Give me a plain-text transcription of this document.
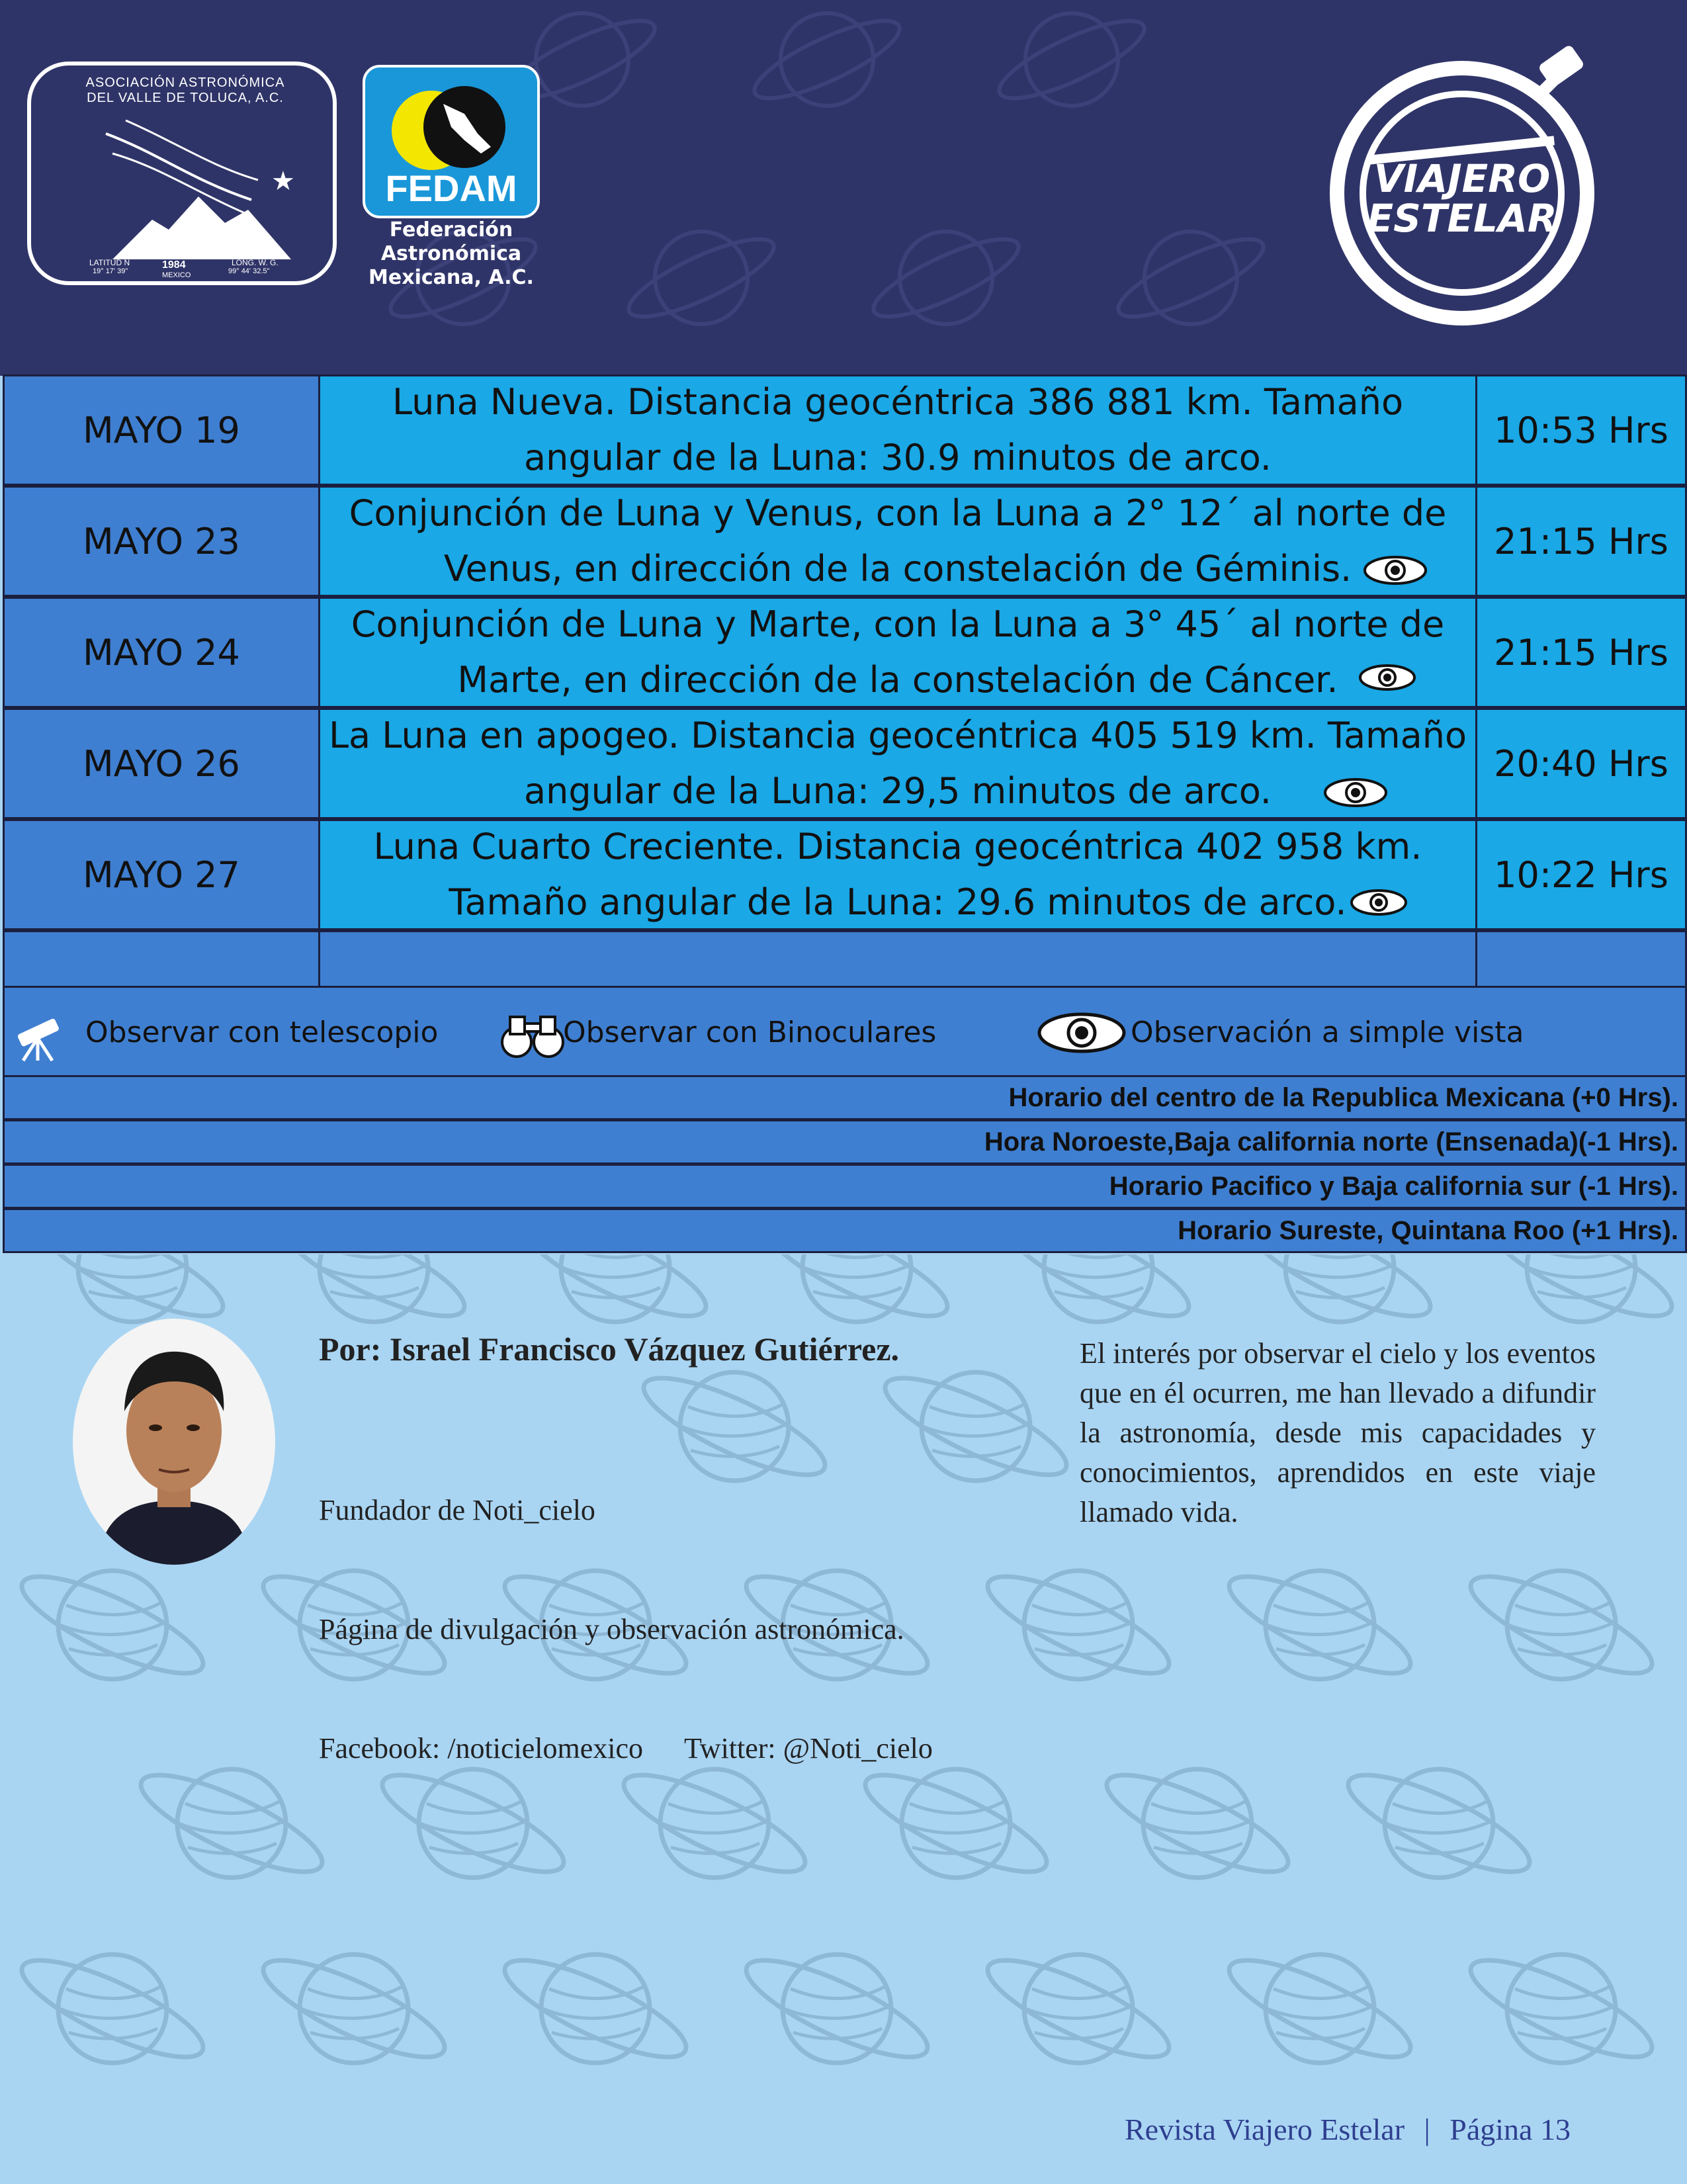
★
ASOCIACIÓN ASTRONÓMICA DEL VALLE DE TOLUCA, A.C.
FUNDADA EN
1984
LATITUD N
19° 17' 39"	MEXICO
LONG. W. G.
99° 44' 32.5"
FEDAM
Federación
Astronómica
Mexicana, A.C.
VIAJERO
ESTELAR
MAYO 19
Luna Nueva. Distancia geocéntrica 386 881 km. Tamaño angular de la Luna: 30.9 minutos de arco.
10:53 Hrs
MAYO 23
Conjunción de Luna y Venus, con la Luna a 2° 12´ al norte de Venus, en dirección de la constelación de Géminis.
21:15 Hrs
MAYO 24
Conjunción de Luna y Marte, con la Luna a 3° 45´ al norte de Marte, en dirección de la constelación de Cáncer.
21:15 Hrs
MAYO 26
La Luna en apogeo. Distancia geocéntrica 405 519 km. Tamaño angular de la Luna: 29,5 minutos de arco.
20:40 Hrs
MAYO 27
Luna Cuarto Creciente. Distancia geocéntrica 402 958 km. Tamaño angular de la Luna: 29.6 minutos de arco.
10:22 Hrs
Observar con telescopio	Observar con Binoculares	Observación a simple vista
Horario del centro de la Republica Mexicana (+0 Hrs).
Hora Noroeste,Baja california norte (Ensenada)(-1 Hrs).
Horario Pacifico y Baja california sur (-1 Hrs).
Horario Sureste, Quintana Roo (+1 Hrs).
Por: Israel Francisco Vázquez Gutiérrez.

Fundador de Noti_cielo

Página de divulgación y observación astronómica.

Facebook: /noticielomexico Twitter: @Noti_cielo

El interés por observar el cielo y los eventos que en él ocurren, me han llevado a difundir la astronomía, desde mis capacidades y conocimientos, aprendidos en este viaje llamado vida.
Revista Viajero Estelar | Página 13
